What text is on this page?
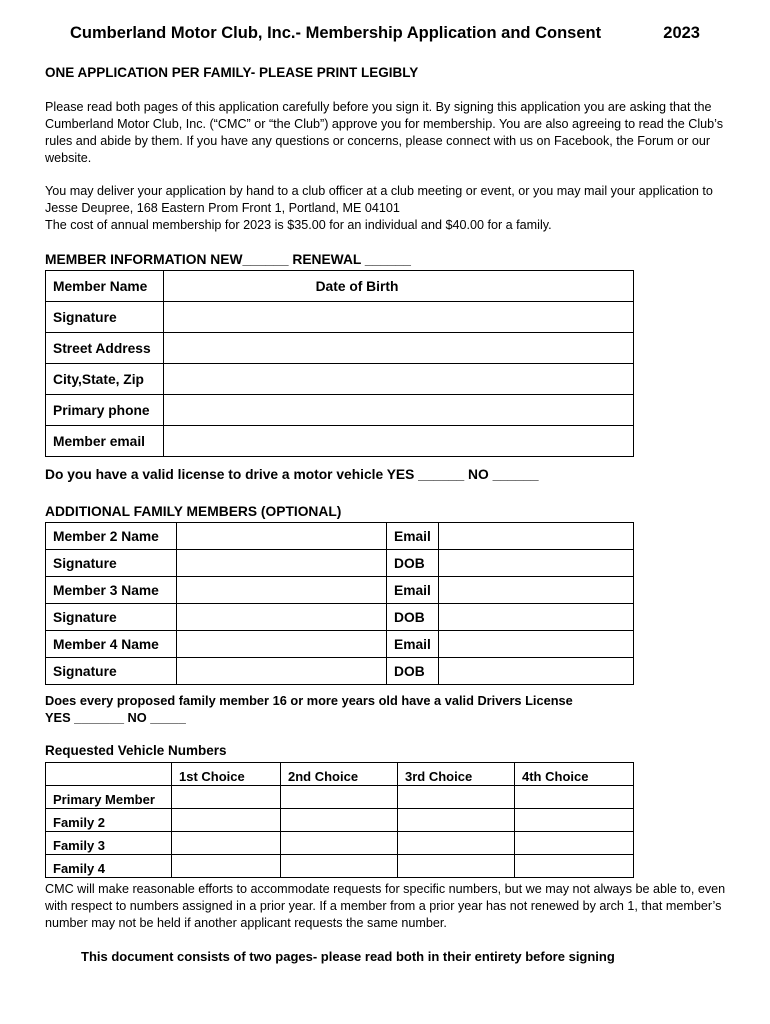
Cumberland Motor Club, Inc.- Membership Application and Consent	2023
ONE APPLICATION PER FAMILY- PLEASE PRINT LEGIBLY
Please read both pages of this application carefully before you sign it. By signing this application you are asking that the Cumberland Motor Club, Inc. (“CMC” or “the Club”) approve you for membership. You are also agreeing to read the Club’s rules and abide by them. If you have any questions or concerns, please connect with us on Facebook, the Forum or our website.
You may deliver your application by hand to a club officer at a club meeting or event, or you may mail your application to Jesse Deupree, 168 Eastern Prom Front 1, Portland, ME 04101
The cost of annual membership for 2023 is $35.00 for an individual and $40.00 for a family.
MEMBER INFORMATION NEW______ RENEWAL ______
Member Name	Date of Birth
Signature	
Street Address	
City,State, Zip	
Primary phone	
Member email	
Do you have a valid license to drive a motor vehicle YES ______ NO ______
ADDITIONAL FAMILY MEMBERS (OPTIONAL)
Member 2 Name		Email	
Signature		DOB	
Member 3 Name		Email	
Signature		DOB	
Member 4 Name		Email	
Signature		DOB	
Does every proposed family member 16 or more years old have a valid Drivers License
YES _______ NO _____
Requested Vehicle Numbers
	1st Choice	2nd Choice	3rd Choice	4th Choice
Primary Member				
Family 2				
Family 3				
Family 4				
CMC will make reasonable efforts to accommodate requests for specific numbers, but we may not always be able to, even with respect to numbers assigned in a prior year. If a member from a prior year has not renewed by arch 1, that member’s number may not be held if another applicant requests the same number.
This document consists of two pages- please read both in their entirety before signing
